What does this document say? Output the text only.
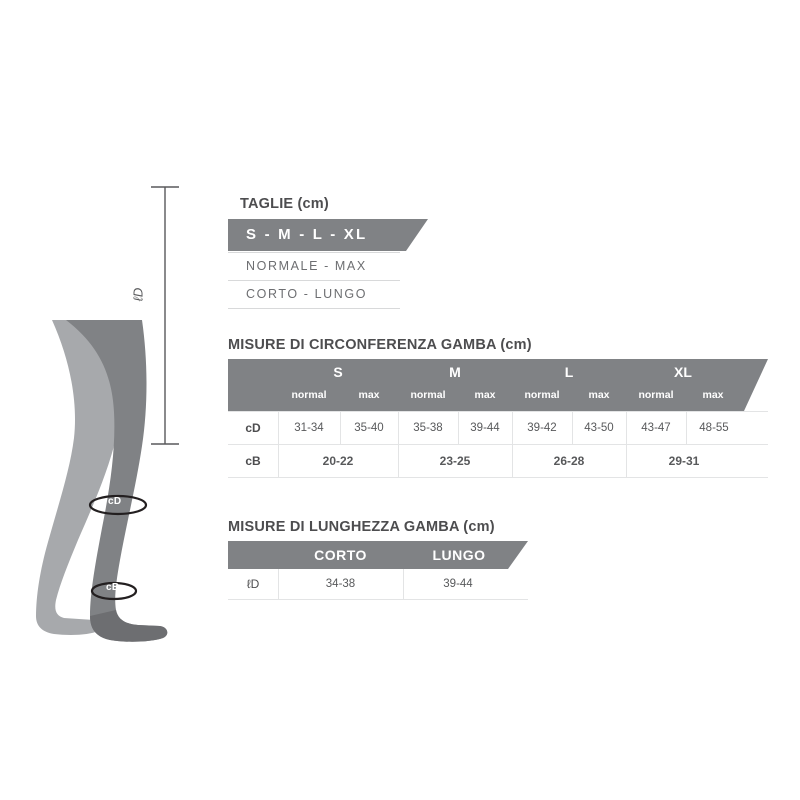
cD
cB
ℓD
TAGLIE (cm)
S - M - L - XL
NORMALE - MAX
CORTO - LUNGO
MISURE DI CIRCONFERENZA GAMBA (cm)
S	M	L	XL
normal	max	normal	max	normal	max	normal	max
cD	31-34	35-40	35-38	39-44	39-42	43-50	43-47	48-55
cB	20-22	23-25	26-28	29-31
MISURE DI LUNGHEZZA GAMBA (cm)
CORTO	LUNGO
ℓD	34-38	39-44
